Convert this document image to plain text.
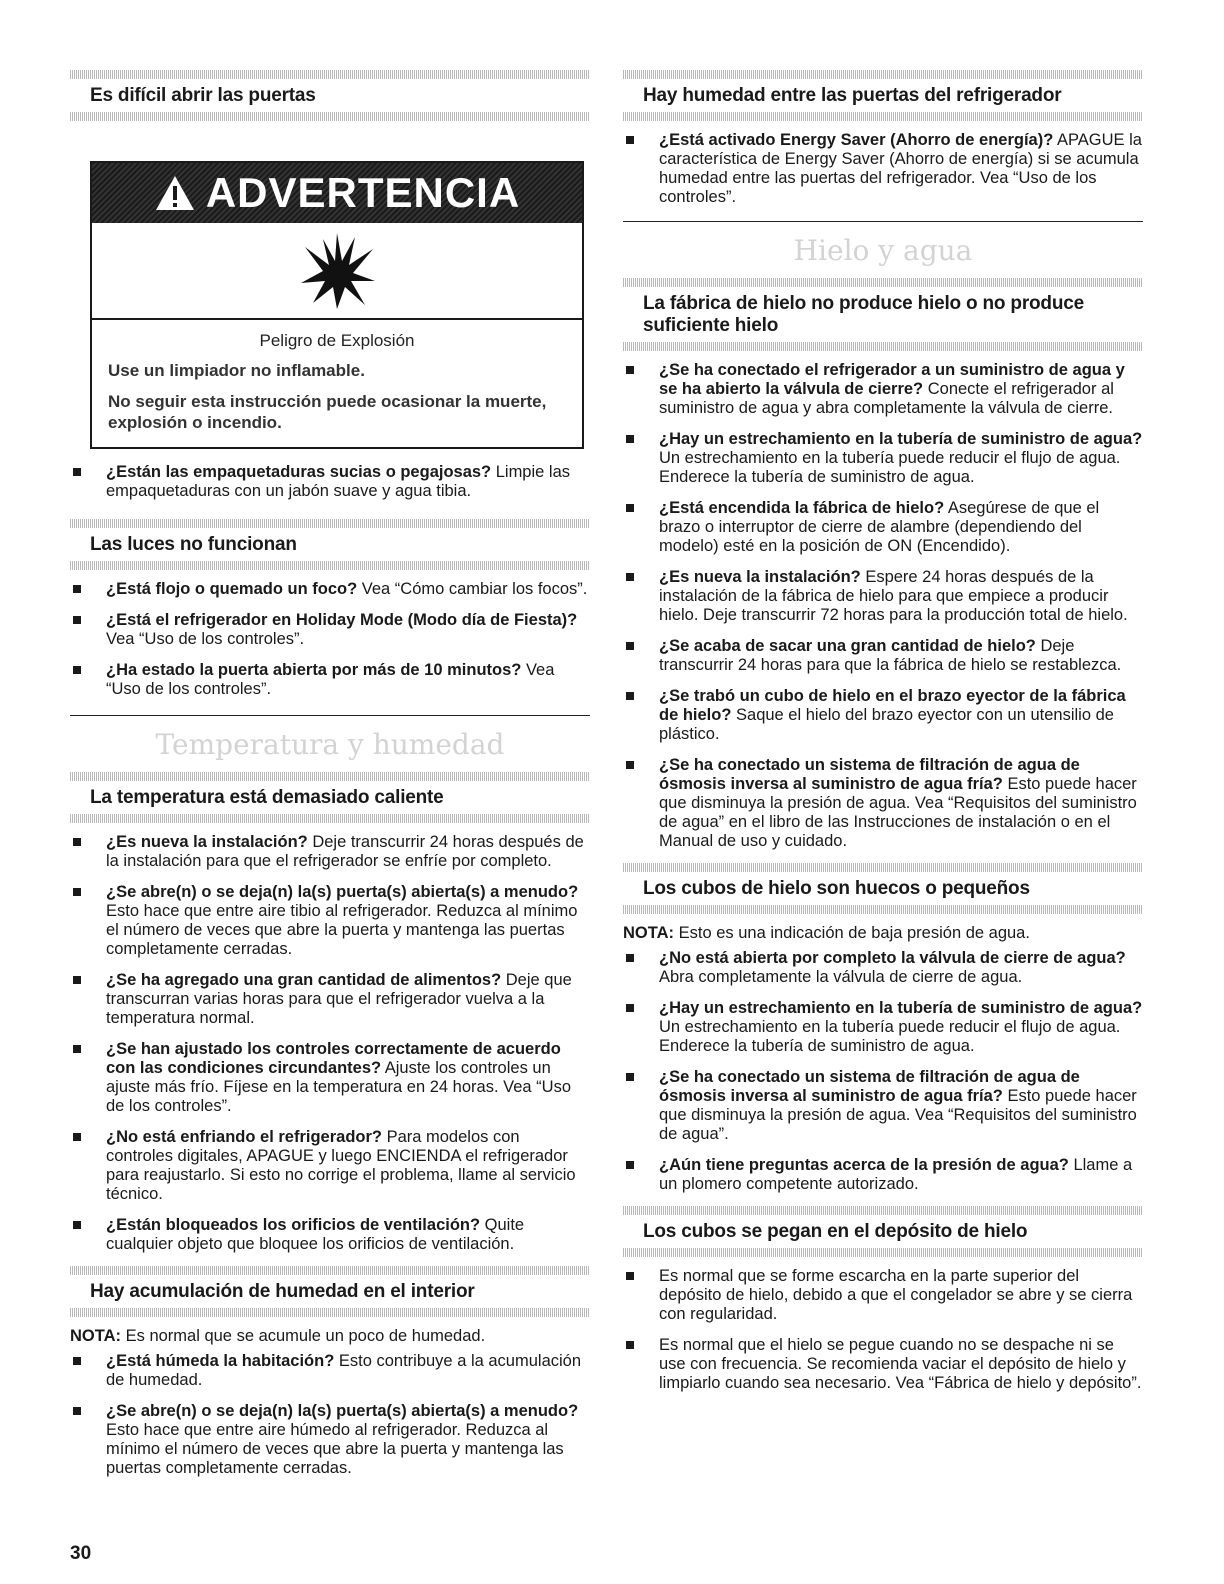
Es difícil abrir las puertas
ADVERTENCIA
Peligro de Explosión
Use un limpiador no inflamable.
No seguir esta instrucción puede ocasionar la muerte, explosión o incendio.
¿Están las empaquetaduras sucias o pegajosas? Limpie las empaquetaduras con un jabón suave y agua tibia.
Las luces no funcionan
¿Está flojo o quemado un foco? Vea “Cómo cambiar los focos”.
¿Está el refrigerador en Holiday Mode (Modo día de Fiesta)? Vea “Uso de los controles”.
¿Ha estado la puerta abierta por más de 10 minutos? Vea “Uso de los controles”.
Temperatura y humedad
La temperatura está demasiado caliente
¿Es nueva la instalación? Deje transcurrir 24 horas después de la instalación para que el refrigerador se enfríe por completo.
¿Se abre(n) o se deja(n) la(s) puerta(s) abierta(s) a menudo? Esto hace que entre aire tibio al refrigerador. Reduzca al mínimo el número de veces que abre la puerta y mantenga las puertas completamente cerradas.
¿Se ha agregado una gran cantidad de alimentos? Deje que transcurran varias horas para que el refrigerador vuelva a la temperatura normal.
¿Se han ajustado los controles correctamente de acuerdo con las condiciones circundantes? Ajuste los controles un ajuste más frío. Fíjese en la temperatura en 24 horas. Vea “Uso de los controles”.
¿No está enfriando el refrigerador? Para modelos con controles digitales, APAGUE y luego ENCIENDA el refrigerador para reajustarlo. Si esto no corrige el problema, llame al servicio técnico.
¿Están bloqueados los orificios de ventilación? Quite cualquier objeto que bloquee los orificios de ventilación.
Hay acumulación de humedad en el interior
NOTA: Es normal que se acumule un poco de humedad.
¿Está húmeda la habitación? Esto contribuye a la acumulación de humedad.
¿Se abre(n) o se deja(n) la(s) puerta(s) abierta(s) a menudo? Esto hace que entre aire húmedo al refrigerador. Reduzca al mínimo el número de veces que abre la puerta y mantenga las puertas completamente cerradas.
Hay humedad entre las puertas del refrigerador
¿Está activado Energy Saver (Ahorro de energía)? APAGUE la característica de Energy Saver (Ahorro de energía) si se acumula humedad entre las puertas del refrigerador. Vea “Uso de los controles”.
Hielo y agua
La fábrica de hielo no produce hielo o no produce suficiente hielo
¿Se ha conectado el refrigerador a un suministro de agua y se ha abierto la válvula de cierre? Conecte el refrigerador al suministro de agua y abra completamente la válvula de cierre.
¿Hay un estrechamiento en la tubería de suministro de agua? Un estrechamiento en la tubería puede reducir el flujo de agua. Enderece la tubería de suministro de agua.
¿Está encendida la fábrica de hielo? Asegúrese de que el brazo o interruptor de cierre de alambre (dependiendo del modelo) esté en la posición de ON (Encendido).
¿Es nueva la instalación? Espere 24 horas después de la instalación de la fábrica de hielo para que empiece a producir hielo. Deje transcurrir 72 horas para la producción total de hielo.
¿Se acaba de sacar una gran cantidad de hielo? Deje transcurrir 24 horas para que la fábrica de hielo se restablezca.
¿Se trabó un cubo de hielo en el brazo eyector de la fábrica de hielo? Saque el hielo del brazo eyector con un utensilio de plástico.
¿Se ha conectado un sistema de filtración de agua de ósmosis inversa al suministro de agua fría? Esto puede hacer que disminuya la presión de agua. Vea “Requisitos del suministro de agua” en el libro de las Instrucciones de instalación o en el Manual de uso y cuidado.
Los cubos de hielo son huecos o pequeños
NOTA: Esto es una indicación de baja presión de agua.
¿No está abierta por completo la válvula de cierre de agua? Abra completamente la válvula de cierre de agua.
¿Hay un estrechamiento en la tubería de suministro de agua? Un estrechamiento en la tubería puede reducir el flujo de agua. Enderece la tubería de suministro de agua.
¿Se ha conectado un sistema de filtración de agua de ósmosis inversa al suministro de agua fría? Esto puede hacer que disminuya la presión de agua. Vea “Requisitos del suministro de agua”.
¿Aún tiene preguntas acerca de la presión de agua? Llame a un plomero competente autorizado.
Los cubos se pegan en el depósito de hielo
Es normal que se forme escarcha en la parte superior del depósito de hielo, debido a que el congelador se abre y se cierra con regularidad.
Es normal que el hielo se pegue cuando no se despache ni se use con frecuencia. Se recomienda vaciar el depósito de hielo y limpiarlo cuando sea necesario. Vea “Fábrica de hielo y depósito”.
30
